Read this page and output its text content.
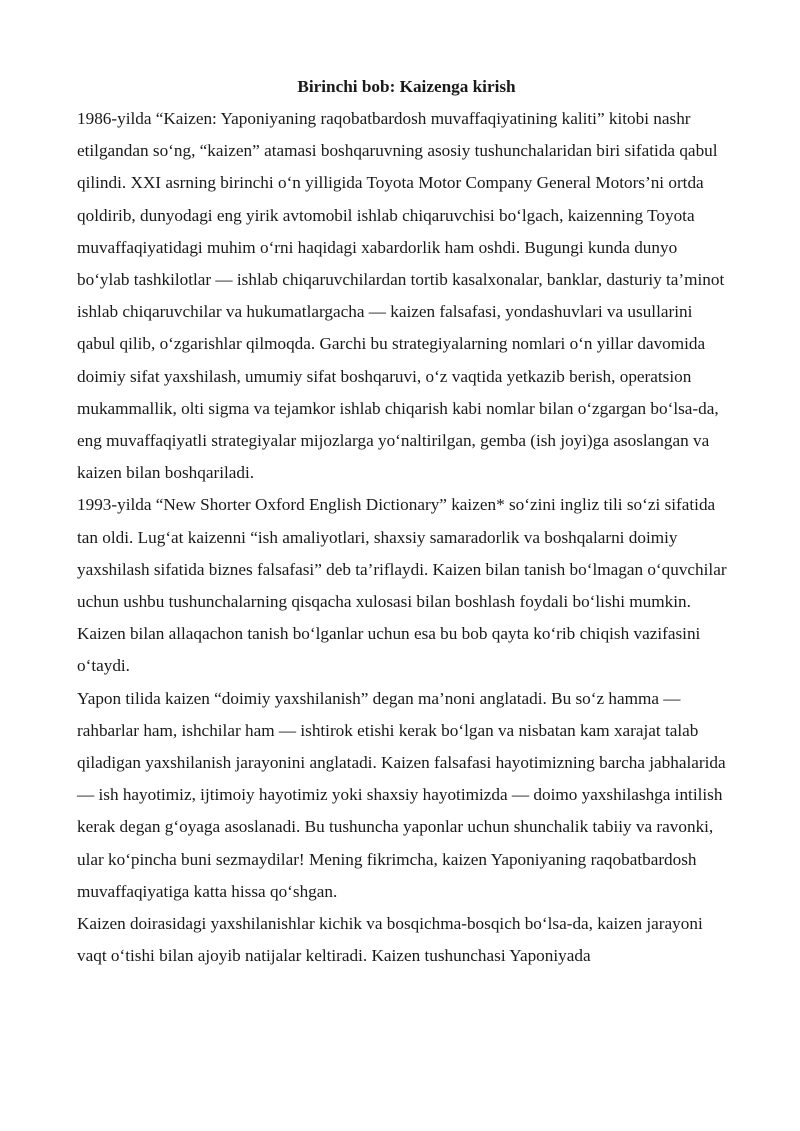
Birinchi bob: Kaizenga kirish

1986-yilda “Kaizen: Yaponiyaning raqobatbardosh muvaffaqiyatining kaliti” kitobi nashr etilgandan so‘ng, “kaizen” atamasi boshqaruvning asosiy tushunchalaridan biri sifatida qabul qilindi. XXI asrning birinchi o‘n yilligida Toyota Motor Company General Motors’ni ortda qoldirib, dunyodagi eng yirik avtomobil ishlab chiqaruvchisi bo‘lgach, kaizenning Toyota muvaffaqiyatidagi muhim o‘rni haqidagi xabardorlik ham oshdi. Bugungi kunda dunyo bo‘ylab tashkilotlar — ishlab chiqaruvchilardan tortib kasalxonalar, banklar, dasturiy ta’minot ishlab chiqaruvchilar va hukumatlargacha — kaizen falsafasi, yondashuvlari va usullarini qabul qilib, o‘zgarishlar qilmoqda. Garchi bu strategiyalarning nomlari o‘n yillar davomida doimiy sifat yaxshilash, umumiy sifat boshqaruvi, o‘z vaqtida yetkazib berish, operatsion mukammallik, olti sigma va tejamkor ishlab chiqarish kabi nomlar bilan o‘zgargan bo‘lsa-da, eng muvaffaqiyatli strategiyalar mijozlarga yo‘naltirilgan, gemba (ish joyi)ga asoslangan va kaizen bilan boshqariladi.

1993-yilda “New Shorter Oxford English Dictionary” kaizen* so‘zini ingliz tili so‘zi sifatida tan oldi. Lug‘at kaizenni “ish amaliyotlari, shaxsiy samaradorlik va boshqalarni doimiy yaxshilash sifatida biznes falsafasi” deb ta’riflaydi. Kaizen bilan tanish bo‘lmagan o‘quvchilar uchun ushbu tushunchalarning qisqacha xulosasi bilan boshlash foydali bo‘lishi mumkin. Kaizen bilan allaqachon tanish bo‘lganlar uchun esa bu bob qayta ko‘rib chiqish vazifasini o‘taydi.

Yapon tilida kaizen “doimiy yaxshilanish” degan ma’noni anglatadi. Bu so‘z hamma — rahbarlar ham, ishchilar ham — ishtirok etishi kerak bo‘lgan va nisbatan kam xarajat talab qiladigan yaxshilanish jarayonini anglatadi. Kaizen falsafasi hayotimizning barcha jabhalarida — ish hayotimiz, ijtimoiy hayotimiz yoki shaxsiy hayotimizda — doimo yaxshilashga intilish kerak degan g‘oyaga asoslanadi. Bu tushuncha yaponlar uchun shunchalik tabiiy va ravonki, ular ko‘pincha buni sezmaydilar! Mening fikrimcha, kaizen Yaponiyaning raqobatbardosh muvaffaqiyatiga katta hissa qo‘shgan.

Kaizen doirasidagi yaxshilanishlar kichik va bosqichma-bosqich bo‘lsa-da, kaizen jarayoni vaqt o‘tishi bilan ajoyib natijalar keltiradi. Kaizen tushunchasi Yaponiyada
